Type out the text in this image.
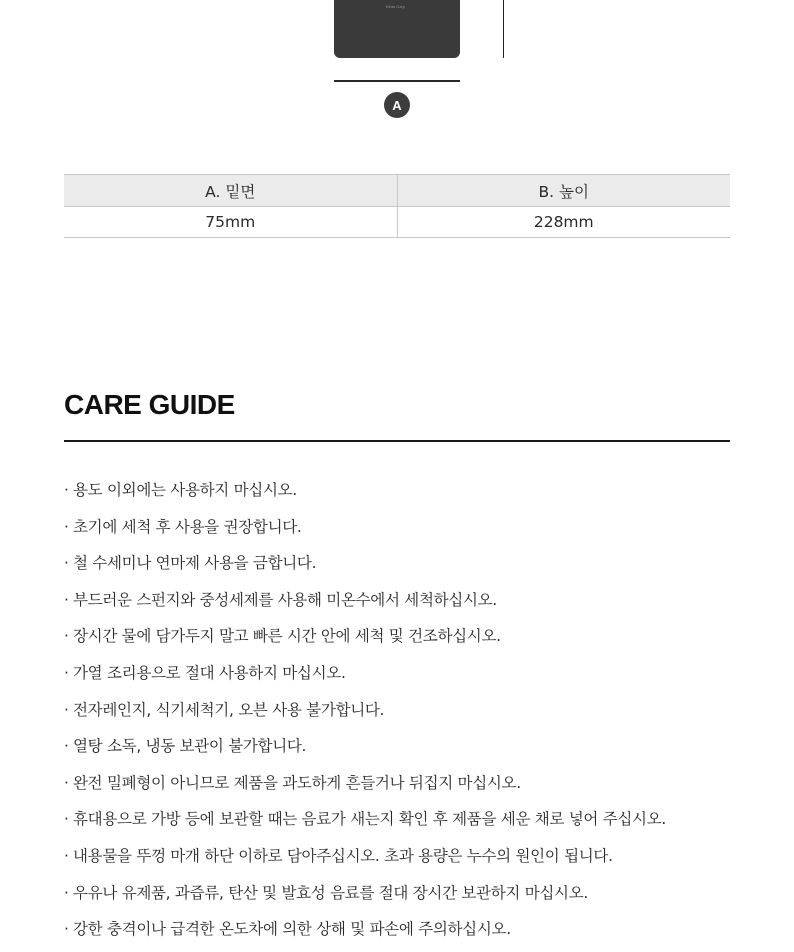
Kinto Corp
A
A. 밑면	B. 높이
75mm	228mm
CARE GUIDE
· 용도 이외에는 사용하지 마십시오.
· 초기에 세척 후 사용을 권장합니다.
· 철 수세미나 연마제 사용을 금합니다.
· 부드러운 스펀지와 중성세제를 사용해 미온수에서 세척하십시오.
· 장시간 물에 담가두지 말고 빠른 시간 안에 세척 및 건조하십시오.
· 가열 조리용으로 절대 사용하지 마십시오.
· 전자레인지, 식기세척기, 오븐 사용 불가합니다.
· 열탕 소독, 냉동 보관이 불가합니다.
· 완전 밀폐형이 아니므로 제품을 과도하게 흔들거나 뒤집지 마십시오.
· 휴대용으로 가방 등에 보관할 때는 음료가 새는지 확인 후 제품을 세운 채로 넣어 주십시오.
· 내용물을 뚜껑 마개 하단 이하로 담아주십시오. 초과 용량은 누수의 원인이 됩니다.
· 우유나 유제품, 과즙류, 탄산 및 발효성 음료를 절대 장시간 보관하지 마십시오.
· 강한 충격이나 급격한 온도차에 의한 상해 및 파손에 주의하십시오.
